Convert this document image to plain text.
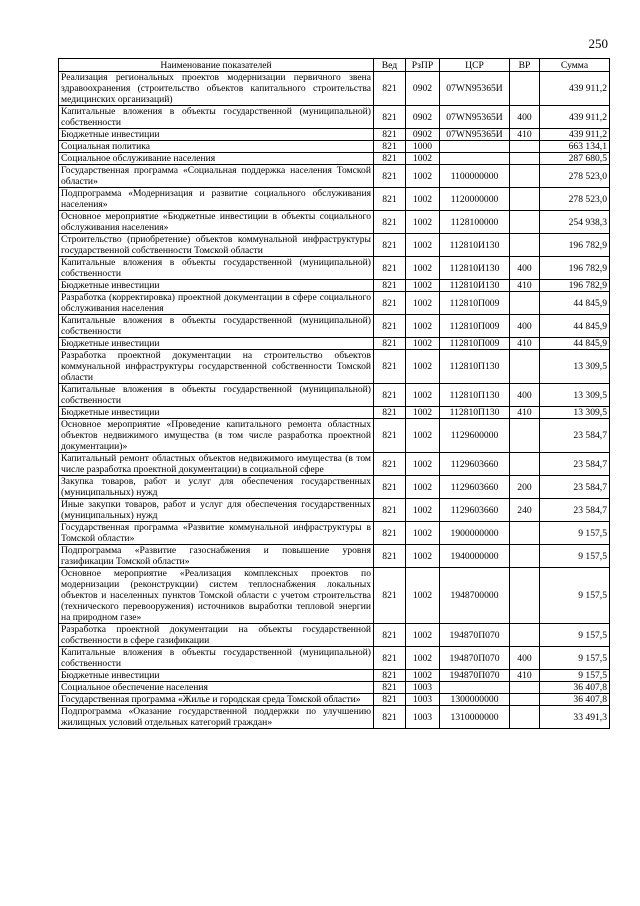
250
Наименование показателей	Вед	РзПР	ЦСР	ВР	Сумма
Реализация региональных проектов модернизации первичного звена здравоохранения (строительство объектов капитального строительства медицинских организаций)	821	0902	07WN95365И		439 911,2
Капитальные вложения в объекты государственной (муниципальной) собственности	821	0902	07WN95365И	400	439 911,2
Бюджетные инвестиции	821	0902	07WN95365И	410	439 911,2
Социальная политика	821	1000			663 134,1
Социальное обслуживание населения	821	1002			287 680,5
Государственная программа «Социальная поддержка населения Томской области»	821	1002	1100000000		278 523,0
Подпрограмма «Модернизация и развитие социального обслуживания населения»	821	1002	1120000000		278 523,0
Основное мероприятие «Бюджетные инвестиции в объекты социального обслуживания населения»	821	1002	1128100000		254 938,3
Строительство (приобретение) объектов коммунальной инфраструктуры государственной собственности Томской области	821	1002	112810И130		196 782,9
Капитальные вложения в объекты государственной (муниципальной) собственности	821	1002	112810И130	400	196 782,9
Бюджетные инвестиции	821	1002	112810И130	410	196 782,9
Разработка (корректировка) проектной документации в сфере социального обслуживания населения	821	1002	112810П009		44 845,9
Капитальные вложения в объекты государственной (муниципальной) собственности	821	1002	112810П009	400	44 845,9
Бюджетные инвестиции	821	1002	112810П009	410	44 845,9
Разработка проектной документации на строительство объектов коммунальной инфраструктуры государственной собственности Томской области	821	1002	112810П130		13 309,5
Капитальные вложения в объекты государственной (муниципальной) собственности	821	1002	112810П130	400	13 309,5
Бюджетные инвестиции	821	1002	112810П130	410	13 309,5
Основное мероприятие «Проведение капитального ремонта областных объектов недвижимого имущества (в том числе разработка проектной документации)»	821	1002	1129600000		23 584,7
Капитальный ремонт областных объектов недвижимого имущества (в том числе разработка проектной документации) в социальной сфере	821	1002	1129603660		23 584,7
Закупка товаров, работ и услуг для обеспечения государственных (муниципальных) нужд	821	1002	1129603660	200	23 584,7
Иные закупки товаров, работ и услуг для обеспечения государственных (муниципальных) нужд	821	1002	1129603660	240	23 584,7
Государственная программа «Развитие коммунальной инфраструктуры в Томской области»	821	1002	1900000000		9 157,5
Подпрограмма «Развитие газоснабжения и повышение уровня газификации Томской области»	821	1002	1940000000		9 157,5
Основное мероприятие «Реализация комплексных проектов по модернизации (реконструкции) систем теплоснабжения локальных объектов и населенных пунктов Томской области с учетом строительства (технического перевооружения) источников выработки тепловой энергии на природном газе»	821	1002	1948700000		9 157,5
Разработка проектной документации на объекты государственной собственности в сфере газификации	821	1002	194870П070		9 157,5
Капитальные вложения в объекты государственной (муниципальной) собственности	821	1002	194870П070	400	9 157,5
Бюджетные инвестиции	821	1002	194870П070	410	9 157,5
Социальное обеспечение населения	821	1003			36 407,8
Государственная программа «Жилье и городская среда Томской области»	821	1003	1300000000		36 407,8
Подпрограмма «Оказание государственной поддержки по улучшению жилищных условий отдельных категорий граждан»	821	1003	1310000000		33 491,3
